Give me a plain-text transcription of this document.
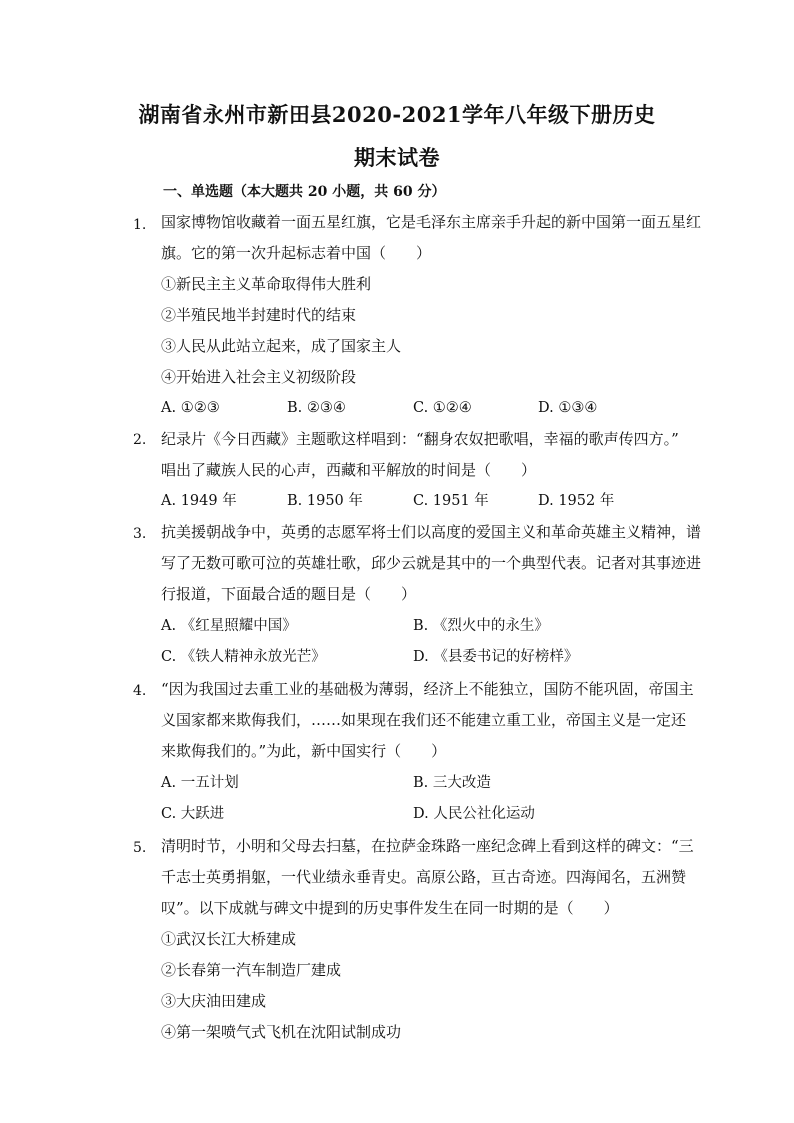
湖南省永州市新田县2020-2021学年八年级下册历史
期末试卷
一、单选题（本大题共 20 小题，共 60 分）
1. 国家博物馆收藏着一面五星红旗，它是毛泽东主席亲手升起的新中国第一面五星红
旗。它的第一次升起标志着中国（　　）
①新民主主义革命取得伟大胜利
②半殖民地半封建时代的结束
③人民从此站立起来，成了国家主人
④开始进入社会主义初级阶段
A. ①②③	B. ②③④	C. ①②④	D. ①③④
2. 纪录片《今日西藏》主题歌这样唱到：“翻身农奴把歌唱，幸福的歌声传四方。”
唱出了藏族人民的心声，西藏和平解放的时间是（　　）
A. 1949 年	B. 1950 年	C. 1951 年	D. 1952 年
3. 抗美援朝战争中，英勇的志愿军将士们以高度的爱国主义和革命英雄主义精神，谱
写了无数可歌可泣的英雄壮歌，邱少云就是其中的一个典型代表。记者对其事迹进
行报道，下面最合适的题目是（　　）
A. 《红星照耀中国》	B. 《烈火中的永生》
C. 《铁人精神永放光芒》	D. 《县委书记的好榜样》
4. “因为我国过去重工业的基础极为薄弱，经济上不能独立，国防不能巩固，帝国主
义国家都来欺侮我们，……如果现在我们还不能建立重工业，帝国主义是一定还
来欺侮我们的。”为此，新中国实行（　　）
A. 一五计划	B. 三大改造
C. 大跃进	D. 人民公社化运动
5. 清明时节，小明和父母去扫墓，在拉萨金珠路一座纪念碑上看到这样的碑文：“三
千志士英勇捐躯，一代业绩永垂青史。高原公路，亘古奇迹。四海闻名，五洲赞
叹”。以下成就与碑文中提到的历史事件发生在同一时期的是（　　）
①武汉长江大桥建成
②长春第一汽车制造厂建成
③大庆油田建成
④第一架喷气式飞机在沈阳试制成功
